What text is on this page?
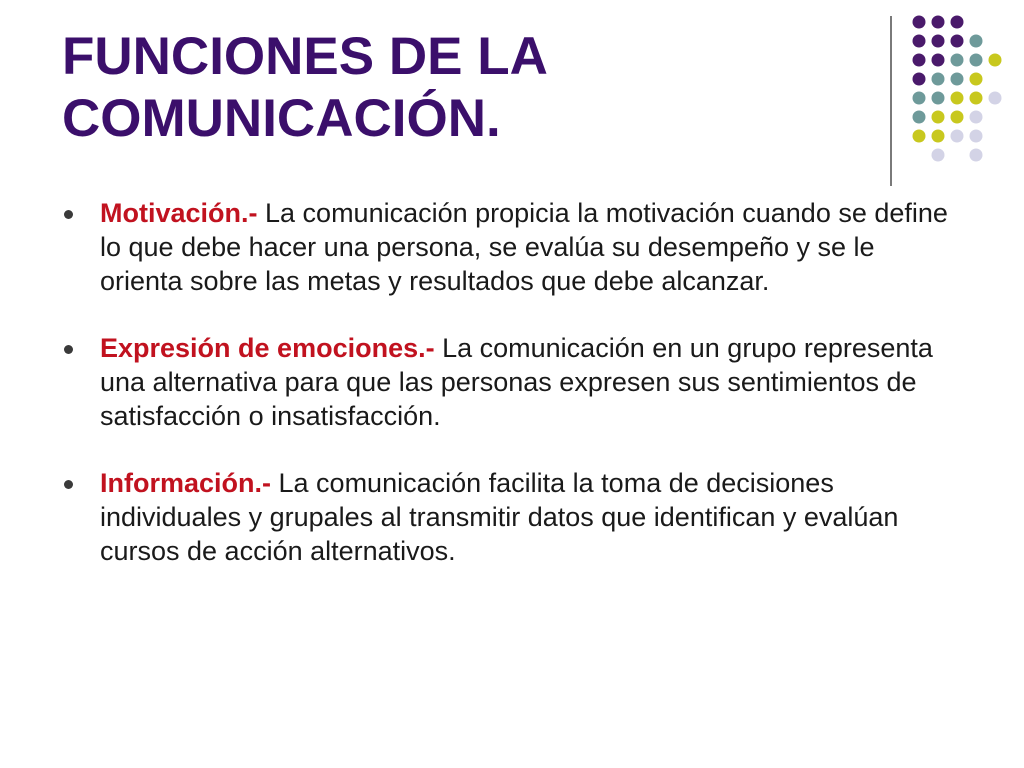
FUNCIONES DE LA
COMUNICACIÓN.
Motivación.- La comunicación propicia la motivación cuando se define lo que debe hacer una persona, se evalúa su desempeño y se le orienta sobre las metas y resultados que debe alcanzar.
Expresión de emociones.- La comunicación en un grupo representa una alternativa para que las personas expresen sus sentimientos de satisfacción o insatisfacción.
Información.- La comunicación facilita la toma de decisiones individuales y grupales al transmitir datos que identifican y evalúan cursos de acción alternativos.
